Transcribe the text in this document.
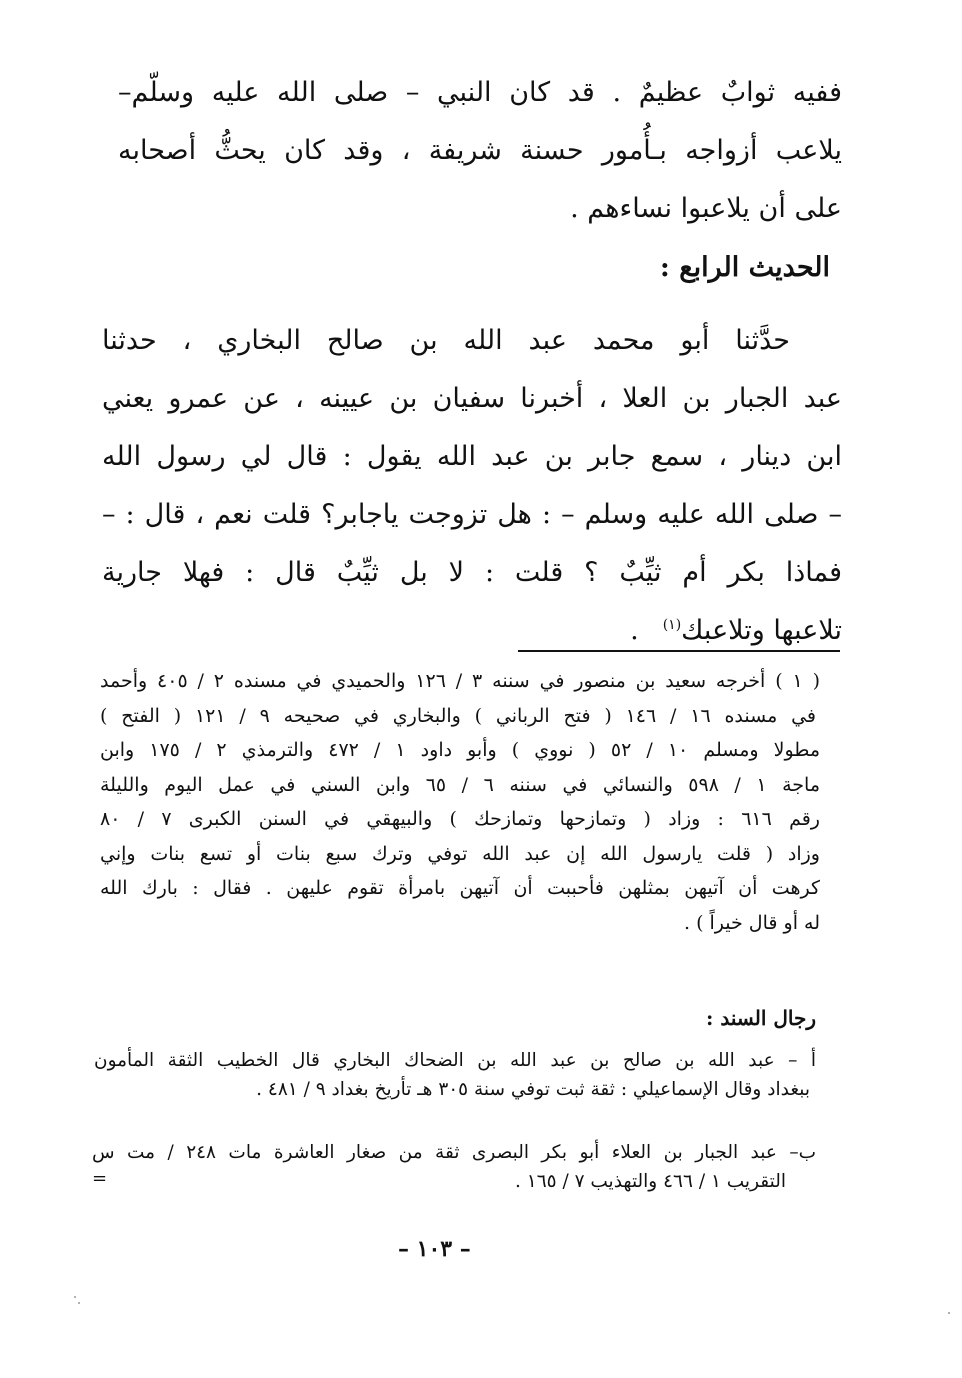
ففيه ثوابٌ عظيمٌ . قد كان النبي – صلى الله عليه وسلّم–
يلاعب أزواجه بـأُمور حسنة شريفة ، وقد كان يحثُّ أصحابه
على أن يلاعبوا نساءهم .
الحديث الرابع :
حدَّثنا أبو محمد عبد الله بن صالح البخاري ، حدثنا
عبد الجبار بن العلا ، أخبرنا سفيان بن عيينه ، عن عمرو يعني
ابن دينار ، سمع جابر بن عبد الله يقول : قال لي رسول الله
– صلى الله عليه وسلم – : هل تزوجت ياجابر؟ قلت نعم ، قال : –
فماذا بكر أم ثيِّبٌ ؟ قلت : لا بل ثيِّبٌ قال : فهلا جارية
تلاعبها وتلاعبك$^{(١)}$.
( ١ ) أخرجه سعيد بن منصور في سننه ٣ / ١٢٦ والحميدي في مسنده ٢ / ٤٠٥ وأحمد
في مسنده ١٦ / ١٤٦ ( فتح الرباني ) والبخاري في صحيحه ٩ / ١٢١ ( الفتح )
مطولا ومسلم ١٠ / ٥٢ ( نووي ) وأبو داود ١ / ٤٧٢ والترمذي ٢ / ١٧٥ وابن
ماجة ١ / ٥٩٨ والنسائي في سننه ٦ / ٦٥ وابن السني في عمل اليوم والليلة
رقم ٦١٦ : وزاد ( وتمازحها وتمازحك ) والبيهقي في السنن الكبرى ٧ / ٨٠
وزاد ( قلت يارسول الله إن عبد الله توفي وترك سبع بنات أو تسع بنات وإني
كرهت أن آتيهن بمثلهن فأحببت أن آتيهن بامرأة تقوم عليهن . فقال : بارك الله
له أو قال خيراً ) .
رجال السند :
أ – عبد الله بن صالح بن عبد الله بن الضحاك البخاري قال الخطيب الثقة المأمون
ببغداد وقال الإسماعيلي : ثقة ثبت توفي سنة ٣٠٥ هـ تأريخ بغداد ٩ / ٤٨١ .
ب– عبد الجبار بن العلاء أبو بكر البصرى ثقة من صغار العاشرة مات ٢٤٨ / مت س
التقريب ١ / ٤٦٦ والتهذيب ٧ / ١٦٥ .
=
– ١٠٣ –
